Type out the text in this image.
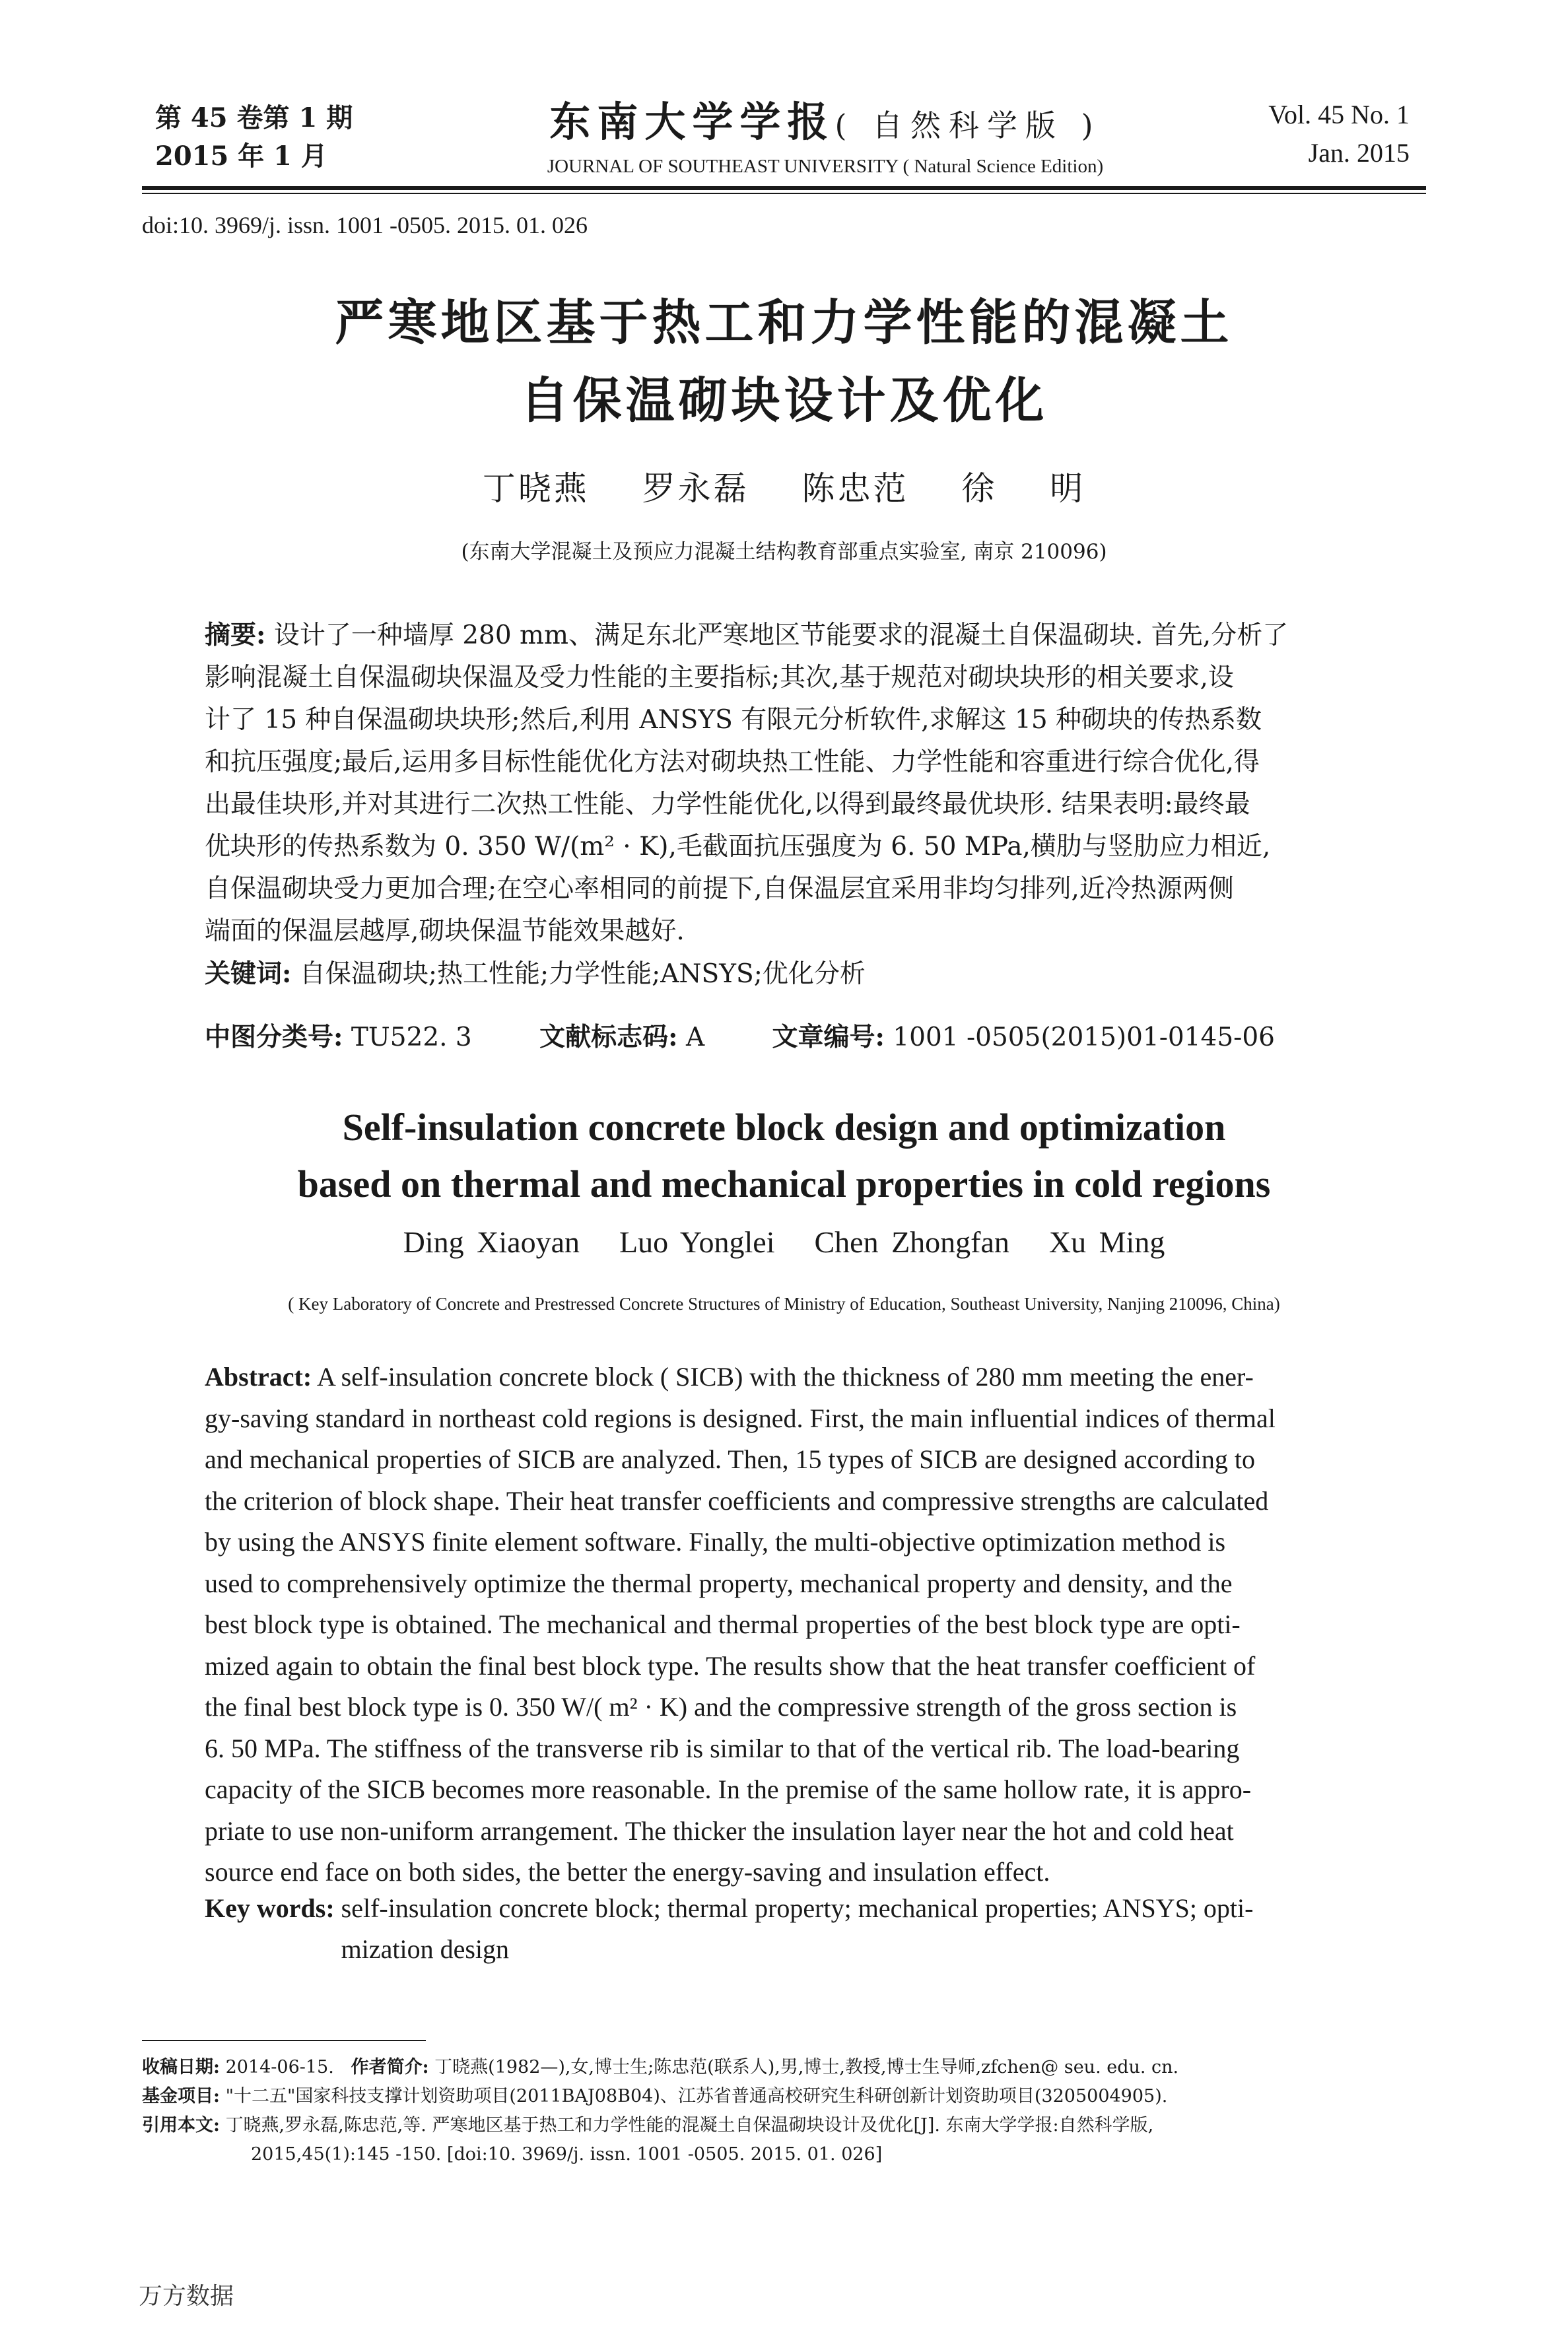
第 45 卷第 1 期
2015 年 1 月
东南大学学报( 自然科学版 )
JOURNAL OF SOUTHEAST UNIVERSITY ( Natural Science Edition)
Vol. 45 No. 1
Jan. 2015
doi:10. 3969/j. issn. 1001 -0505. 2015. 01. 026
严寒地区基于热工和力学性能的混凝土
自保温砌块设计及优化
丁晓燕 罗永磊 陈忠范 徐 明
(东南大学混凝土及预应力混凝土结构教育部重点实验室, 南京 210096)
摘要: 设计了一种墙厚 280 mm、满足东北严寒地区节能要求的混凝土自保温砌块. 首先,分析了
影响混凝土自保温砌块保温及受力性能的主要指标;其次,基于规范对砌块块形的相关要求,设
计了 15 种自保温砌块块形;然后,利用 ANSYS 有限元分析软件,求解这 15 种砌块的传热系数
和抗压强度;最后,运用多目标性能优化方法对砌块热工性能、力学性能和容重进行综合优化,得
出最佳块形,并对其进行二次热工性能、力学性能优化,以得到最终最优块形. 结果表明:最终最
优块形的传热系数为 0. 350 W/(m² · K),毛截面抗压强度为 6. 50 MPa,横肋与竖肋应力相近,
自保温砌块受力更加合理;在空心率相同的前提下,自保温层宜采用非均匀排列,近冷热源两侧
端面的保温层越厚,砌块保温节能效果越好.
关键词: 自保温砌块;热工性能;力学性能;ANSYS;优化分析
中图分类号: TU522. 3	文献标志码: A	文章编号: 1001 -0505(2015)01-0145-06
Self-insulation concrete block design and optimization
based on thermal and mechanical properties in cold regions
Ding Xiaoyan Luo Yonglei Chen Zhongfan Xu Ming
( Key Laboratory of Concrete and Prestressed Concrete Structures of Ministry of Education, Southeast University, Nanjing 210096, China)
Abstract: A self-insulation concrete block ( SICB) with the thickness of 280 mm meeting the ener-
gy-saving standard in northeast cold regions is designed. First, the main influential indices of thermal
and mechanical properties of SICB are analyzed. Then, 15 types of SICB are designed according to
the criterion of block shape. Their heat transfer coefficients and compressive strengths are calculated
by using the ANSYS finite element software. Finally, the multi-objective optimization method is
used to comprehensively optimize the thermal property, mechanical property and density, and the
best block type is obtained. The mechanical and thermal properties of the best block type are opti-
mized again to obtain the final best block type. The results show that the heat transfer coefficient of
the final best block type is 0. 350 W/( m² · K) and the compressive strength of the gross section is
6. 50 MPa. The stiffness of the transverse rib is similar to that of the vertical rib. The load-bearing
capacity of the SICB becomes more reasonable. In the premise of the same hollow rate, it is appro-
priate to use non-uniform arrangement. The thicker the insulation layer near the hot and cold heat
source end face on both sides, the better the energy-saving and insulation effect.
Key words: self-insulation concrete block; thermal property; mechanical properties; ANSYS; opti-
mization design
收稿日期: 2014-06-15. 作者简介: 丁晓燕(1982—),女,博士生;陈忠范(联系人),男,博士,教授,博士生导师,zfchen@ seu. edu. cn.
基金项目: "十二五"国家科技支撑计划资助项目(2011BAJ08B04)、江苏省普通高校研究生科研创新计划资助项目(3205004905).
引用本文: 丁晓燕,罗永磊,陈忠范,等. 严寒地区基于热工和力学性能的混凝土自保温砌块设计及优化[J]. 东南大学学报:自然科学版,
2015,45(1):145 -150. [doi:10. 3969/j. issn. 1001 -0505. 2015. 01. 026]
万方数据
